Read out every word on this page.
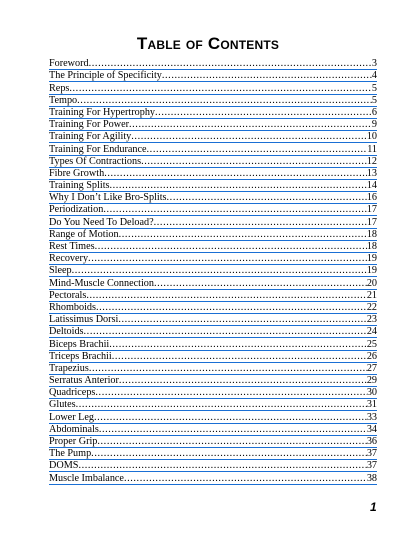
Table of Contents
Foreword .....	3
The Principle of Specificity .....	4
Reps .....	5
Tempo .....	5
Training For Hypertrophy .....	6
Training For Power .....	9
Training For Agility .....	10
Training For Endurance .....	11
Types Of Contractions .....	12
Fibre Growth .....	13
Training Splits .....	14
Why I Don’t Like Bro-Splits .....	16
Periodization .....	17
Do You Need To Deload? .....	17
Range of Motion .....	18
Rest Times .....	18
Recovery .....	19
Sleep .....	19
Mind-Muscle Connection .....	20
Pectorals .....	21
Rhomboids .....	22
Latissimus Dorsi .....	23
Deltoids .....	24
Biceps Brachii .....	25
Triceps Brachii .....	26
Trapezius .....	27
Serratus Anterior .....	29
Quadriceps .....	30
Glutes .....	31
Lower Leg .....	33
Abdominals .....	34
Proper Grip .....	36
The Pump .....	37
DOMS .....	37
Muscle Imbalance .....	38
1
